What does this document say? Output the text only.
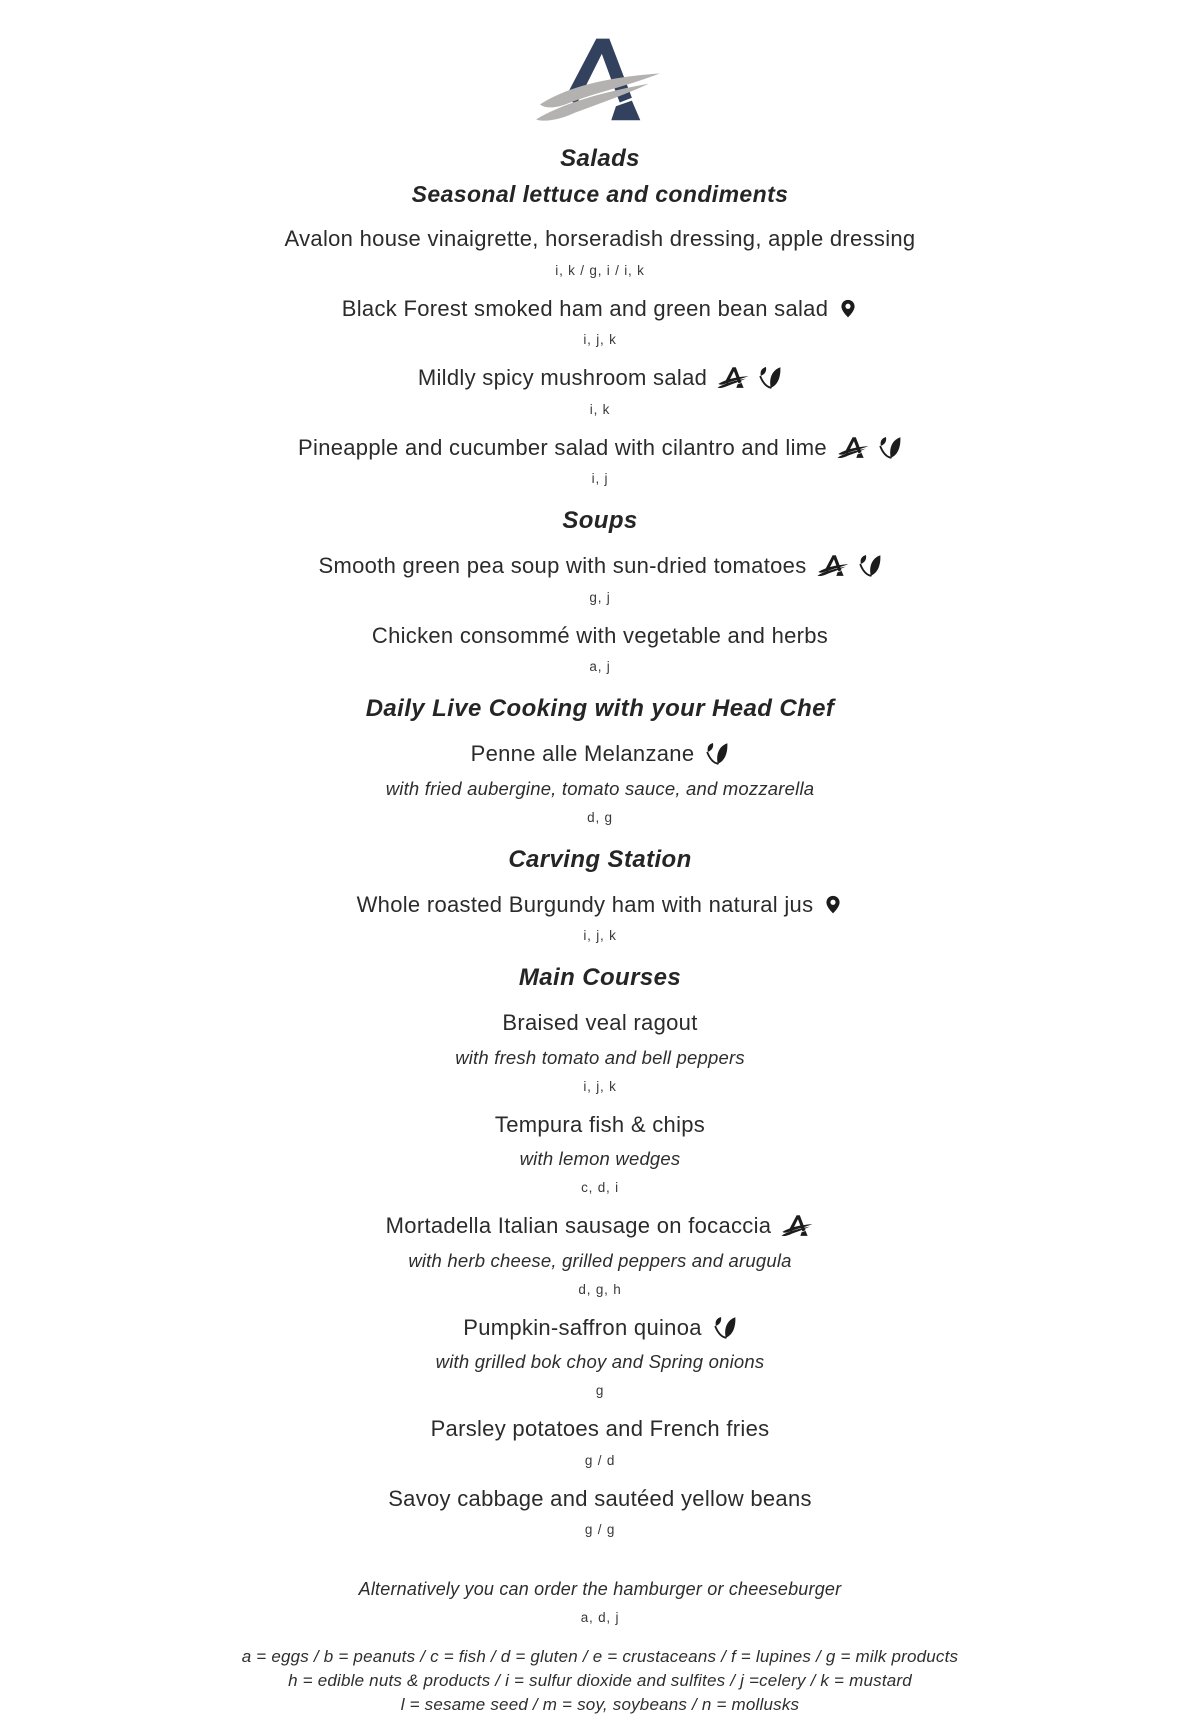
Salads
Seasonal lettuce and condiments
Avalon house vinaigrette, horseradish dressing, apple dressing
i, k / g, i / i, k
Black Forest smoked ham and green bean salad
i, j, k
Mildly spicy mushroom salad
i, k
Pineapple and cucumber salad with cilantro and lime
i, j
Soups
Smooth green pea soup with sun-dried tomatoes
g, j
Chicken consommé with vegetable and herbs
a, j
Daily Live Cooking with your Head Chef
Penne alle Melanzane
with fried aubergine, tomato sauce, and mozzarella
d, g
Carving Station
Whole roasted Burgundy ham with natural jus
i, j, k
Main Courses
Braised veal ragout
with fresh tomato and bell peppers
i, j, k
Tempura fish & chips
with lemon wedges
c, d, i
Mortadella Italian sausage on focaccia
with herb cheese, grilled peppers and arugula
d, g, h
Pumpkin-saffron quinoa
with grilled bok choy and Spring onions
g
Parsley potatoes and French fries
g / d
Savoy cabbage and sautéed yellow beans
g / g
Alternatively you can order the hamburger or cheeseburger
a, d, j
a = eggs / b = peanuts / c = fish / d = gluten / e = crustaceans / f = lupines / g = milk products
h = edible nuts & products / i = sulfur dioxide and sulfites / j =celery / k = mustard
l = sesame seed / m = soy, soybeans / n = mollusks
